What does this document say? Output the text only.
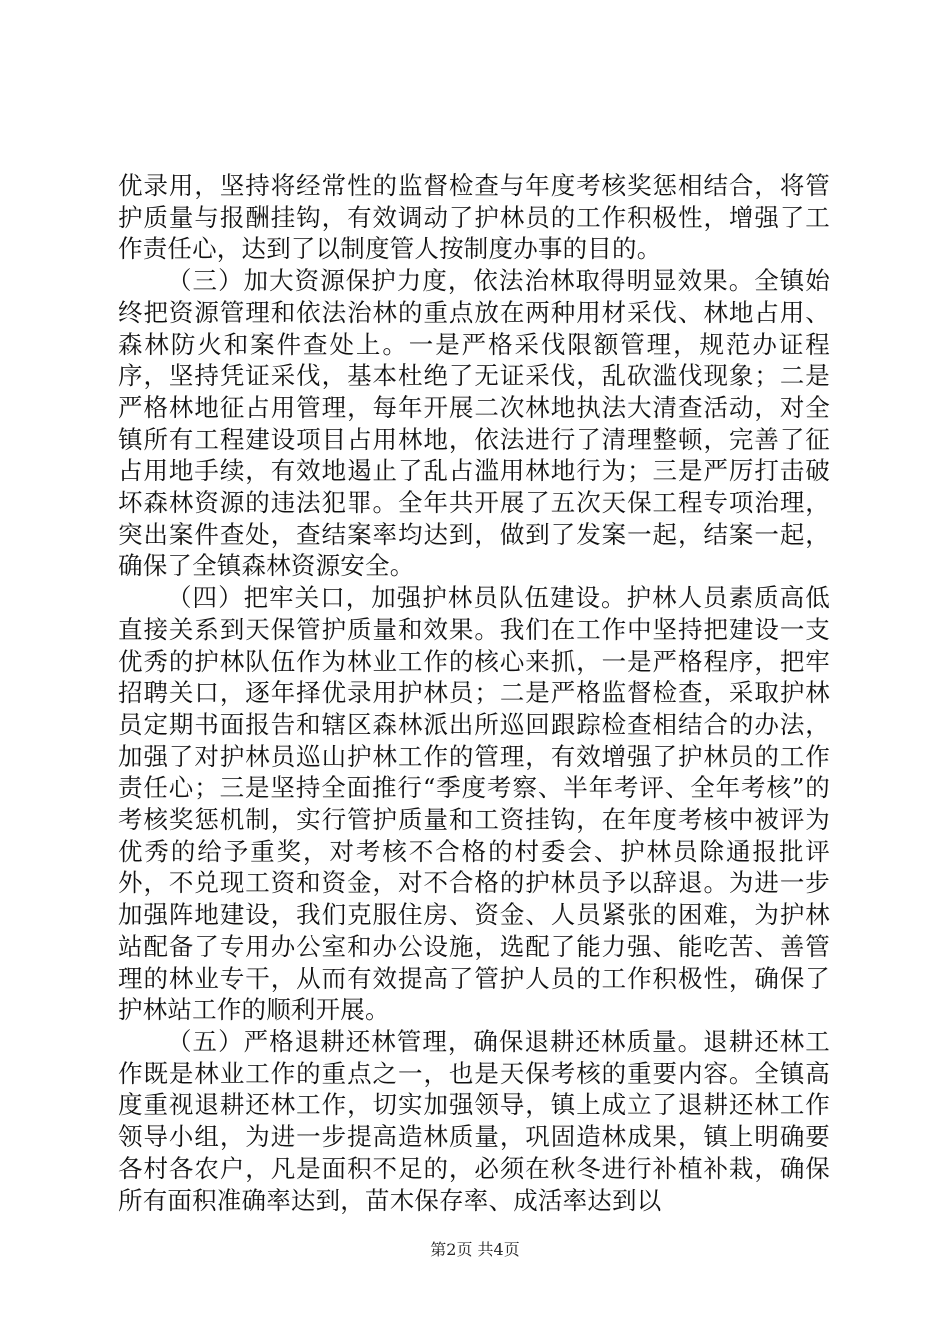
优录用，坚持将经常性的监督检查与年度考核奖惩相结合，将管护质量与报酬挂钩，有效调动了护林员的工作积极性，增强了工作责任心，达到了以制度管人按制度办事的目的。

（三）加大资源保护力度，依法治林取得明显效果。全镇始终把资源管理和依法治林的重点放在两种用材采伐、林地占用、森林防火和案件查处上。一是严格采伐限额管理，规范办证程序，坚持凭证采伐，基本杜绝了无证采伐，乱砍滥伐现象；二是严格林地征占用管理，每年开展二次林地执法大清查活动，对全镇所有工程建设项目占用林地，依法进行了清理整顿，完善了征占用地手续，有效地遏止了乱占滥用林地行为；三是严厉打击破坏森林资源的违法犯罪。全年共开展了五次天保工程专项治理，突出案件查处，查结案率均达到，做到了发案一起，结案一起，确保了全镇森林资源安全。

（四）把牢关口，加强护林员队伍建设。护林人员素质高低直接关系到天保管护质量和效果。我们在工作中坚持把建设一支优秀的护林队伍作为林业工作的核心来抓，一是严格程序，把牢招聘关口，逐年择优录用护林员；二是严格监督检查，采取护林员定期书面报告和辖区森林派出所巡回跟踪检查相结合的办法，加强了对护林员巡山护林工作的管理，有效增强了护林员的工作责任心；三是坚持全面推行“季度考察、半年考评、全年考核”的考核奖惩机制，实行管护质量和工资挂钩，在年度考核中被评为优秀的给予重奖，对考核不合格的村委会、护林员除通报批评外，不兑现工资和资金，对不合格的护林员予以辞退。为进一步加强阵地建设，我们克服住房、资金、人员紧张的困难，为护林站配备了专用办公室和办公设施，选配了能力强、能吃苦、善管理的林业专干，从而有效提高了管护人员的工作积极性，确保了护林站工作的顺利开展。

（五）严格退耕还林管理，确保退耕还林质量。退耕还林工作既是林业工作的重点之一，也是天保考核的重要内容。全镇高度重视退耕还林工作，切实加强领导，镇上成立了退耕还林工作领导小组，为进一步提高造林质量，巩固造林成果，镇上明确要各村各农户，凡是面积不足的，必须在秋冬进行补植补栽，确保所有面积准确率达到，苗木保存率、成活率达到以

第2页 共4页
